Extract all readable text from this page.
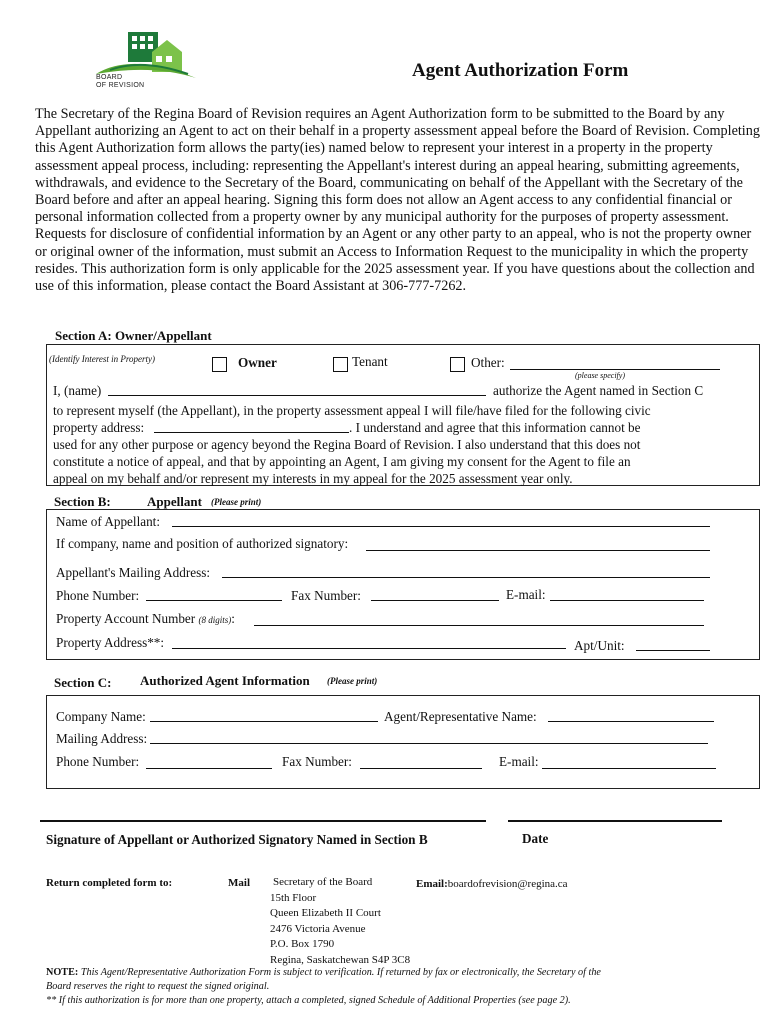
BOARD
OF REVISION
Agent Authorization Form
The Secretary of the Regina Board of Revision requires an Agent Authorization form to be submitted to the Board by any Appellant authorizing an Agent to act on their behalf in a property assessment appeal before the Board of Revision. Completing this Agent Authorization form allows the party(ies) named below to represent your interest in a property in the property assessment appeal process, including: representing the Appellant's interest during an appeal hearing, submitting agreements, withdrawals, and evidence to the Secretary of the Board, communicating on behalf of the Appellant with the Secretary of the Board before and after an appeal hearing. Signing this form does not allow an Agent access to any confidential financial or personal information collected from a property owner by any municipal authority for the purposes of property assessment. Requests for disclosure of confidential information by an Agent or any other party to an appeal, who is not the property owner or original owner of the information, must submit an Access to Information Request to the municipality in which the property resides. This authorization form is only applicable for the 2025 assessment year. If you have questions about the collection and use of this information, please contact the Board Assistant at 306-777-7262.
Section A: Owner/Appellant
(Identify Interest in Property)	Owner	Tenant	Other:
(please specify)
I, (name)	authorize the Agent named in Section C
to represent myself (the Appellant), in the property assessment appeal I will file/have filed for the following civic
property address:	. I understand and agree that this information cannot be
used for any other purpose or agency beyond the Regina Board of Revision. I also understand that this does not
constitute a notice of appeal, and that by appointing an Agent, I am giving my consent for the Agent to file an
appeal on my behalf and/or represent my interests in my appeal for the 2025 assessment year only.
Section B:	Appellant (Please print)
Name of Appellant:
If company, name and position of authorized signatory:
Appellant's Mailing Address:
Phone Number:	Fax Number:	E-mail:
Property Account Number (8 digits):
Property Address**:	Apt/Unit:
Section C: Authorized Agent Information (Please print)
Company Name:	Agent/Representative Name:
Mailing Address:
Phone Number:	Fax Number:	E-mail:
Signature of Appellant or Authorized Signatory Named in Section B	Date
Return completed form to:	Mail Secretary of the Board
15th Floor
Queen Elizabeth II Court
2476 Victoria Avenue
P.O. Box 1790
Regina, Saskatchewan S4P 3C8
Email:boardofrevision@regina.ca
NOTE: This Agent/Representative Authorization Form is subject to verification. If returned by fax or electronically, the Secretary of the
Board reserves the right to request the signed original.
** If this authorization is for more than one property, attach a completed, signed Schedule of Additional Properties (see page 2).
